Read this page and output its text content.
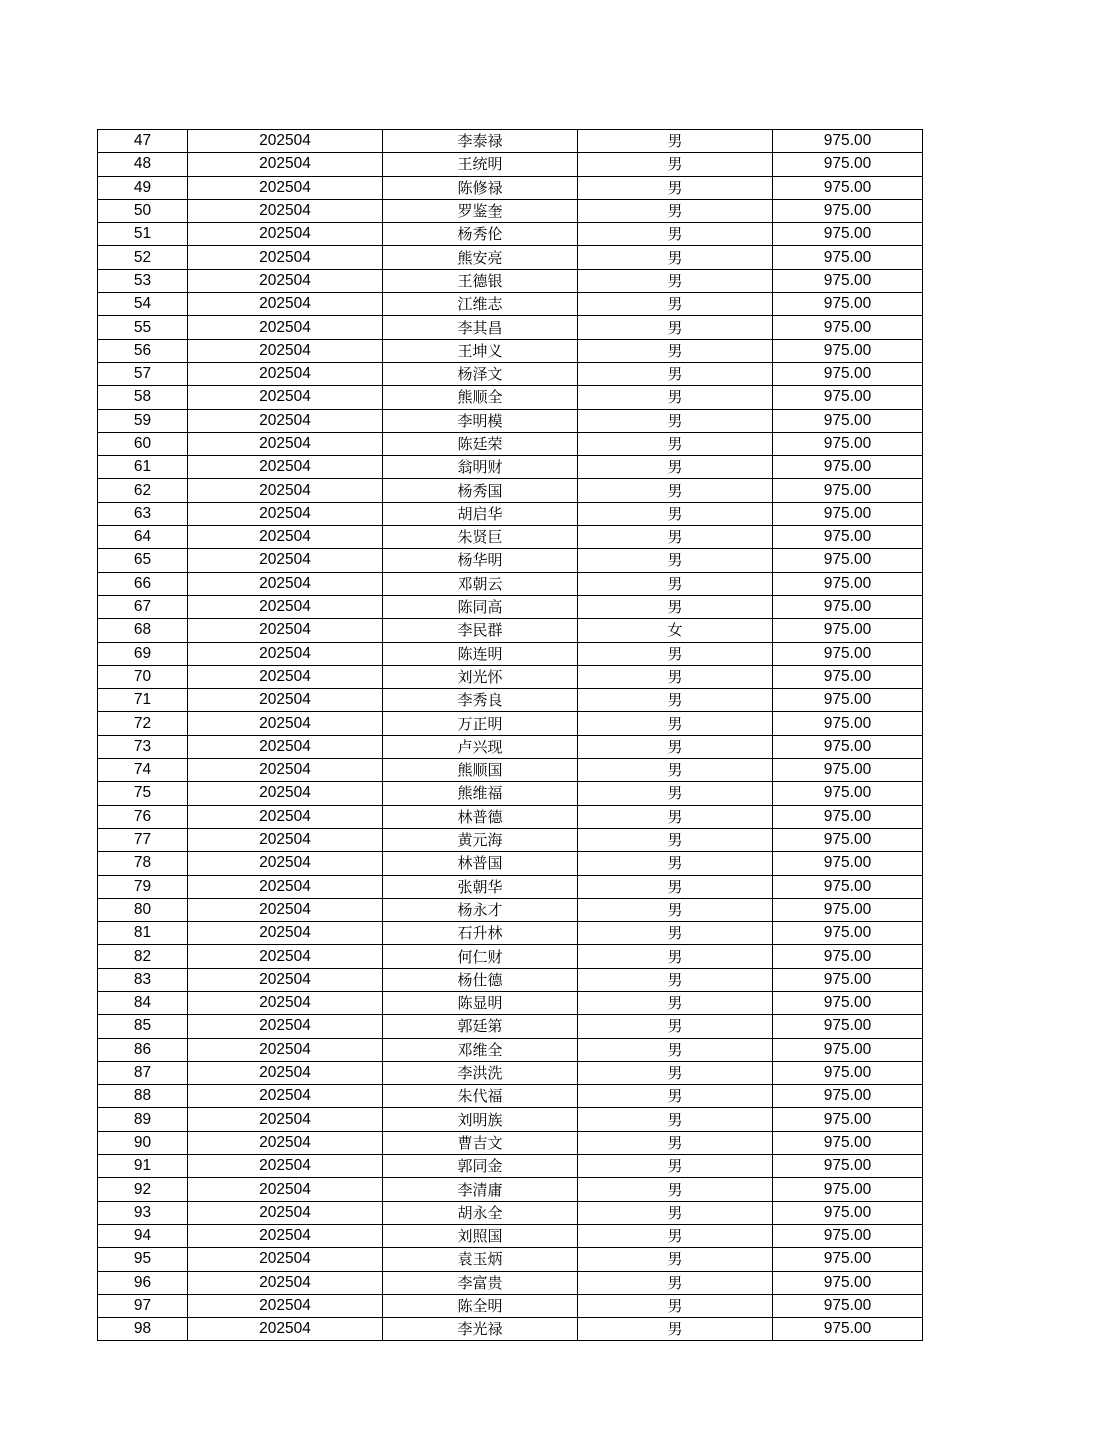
47	202504	李泰禄	男	975.00
48	202504	王统明	男	975.00
49	202504	陈修禄	男	975.00
50	202504	罗鉴奎	男	975.00
51	202504	杨秀伦	男	975.00
52	202504	熊安亮	男	975.00
53	202504	王德银	男	975.00
54	202504	江维志	男	975.00
55	202504	李其昌	男	975.00
56	202504	王坤义	男	975.00
57	202504	杨泽文	男	975.00
58	202504	熊顺全	男	975.00
59	202504	李明模	男	975.00
60	202504	陈廷荣	男	975.00
61	202504	翁明财	男	975.00
62	202504	杨秀国	男	975.00
63	202504	胡启华	男	975.00
64	202504	朱贤巨	男	975.00
65	202504	杨华明	男	975.00
66	202504	邓朝云	男	975.00
67	202504	陈同高	男	975.00
68	202504	李民群	女	975.00
69	202504	陈连明	男	975.00
70	202504	刘光怀	男	975.00
71	202504	李秀良	男	975.00
72	202504	万正明	男	975.00
73	202504	卢兴现	男	975.00
74	202504	熊顺国	男	975.00
75	202504	熊维福	男	975.00
76	202504	林普德	男	975.00
77	202504	黄元海	男	975.00
78	202504	林普国	男	975.00
79	202504	张朝华	男	975.00
80	202504	杨永才	男	975.00
81	202504	石升林	男	975.00
82	202504	何仁财	男	975.00
83	202504	杨仕德	男	975.00
84	202504	陈显明	男	975.00
85	202504	郭廷第	男	975.00
86	202504	邓维全	男	975.00
87	202504	李洪洗	男	975.00
88	202504	朱代福	男	975.00
89	202504	刘明族	男	975.00
90	202504	曹吉文	男	975.00
91	202504	郭同金	男	975.00
92	202504	李清庸	男	975.00
93	202504	胡永全	男	975.00
94	202504	刘照国	男	975.00
95	202504	袁玉炳	男	975.00
96	202504	李富贵	男	975.00
97	202504	陈全明	男	975.00
98	202504	李光禄	男	975.00
